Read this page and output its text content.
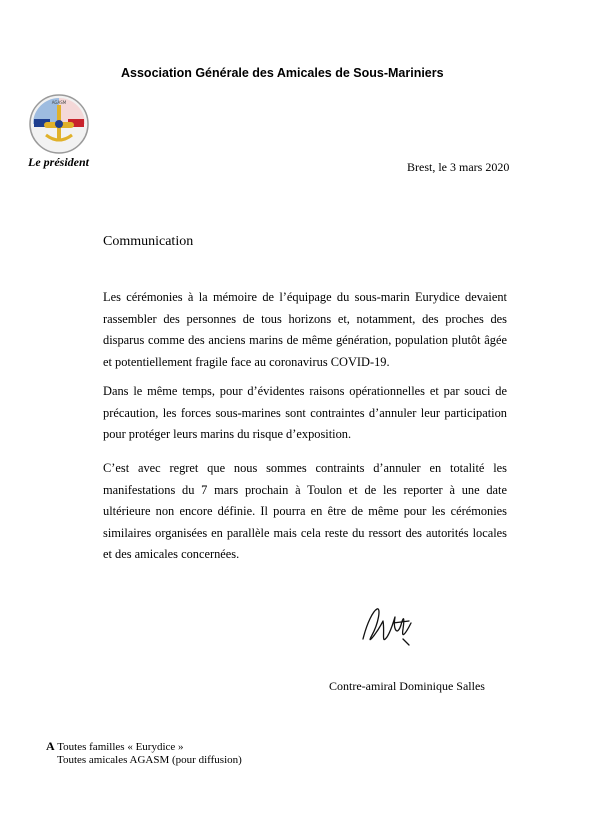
Association Générale des Amicales de Sous-Mariniers
AGASM
Le président	Brest, le 3 mars 2020
Communication

Les cérémonies à la mémoire de l’équipage du sous-marin Eurydice devaient rassembler des personnes de tous horizons et, notamment, des proches des disparus comme des anciens marins de même génération, population plutôt âgée et potentiellement fragile face au coronavirus COVID-19.

Dans le même temps, pour d’évidentes raisons opérationnelles et par souci de précaution, les forces sous-marines sont contraintes d’annuler leur participation pour protéger leurs marins du risque d’exposition.

C’est avec regret que nous sommes contraints d’annuler en totalité les manifestations du 7 mars prochain à Toulon et de les reporter à une date ultérieure non encore définie. Il pourra en être de même pour les cérémonies similaires organisées en parallèle mais cela reste du ressort des autorités locales et des amicales concernées.

Contre-amiral Dominique Salles
A Toutes familles « Eurydice »
Toutes amicales AGASM (pour diffusion)
